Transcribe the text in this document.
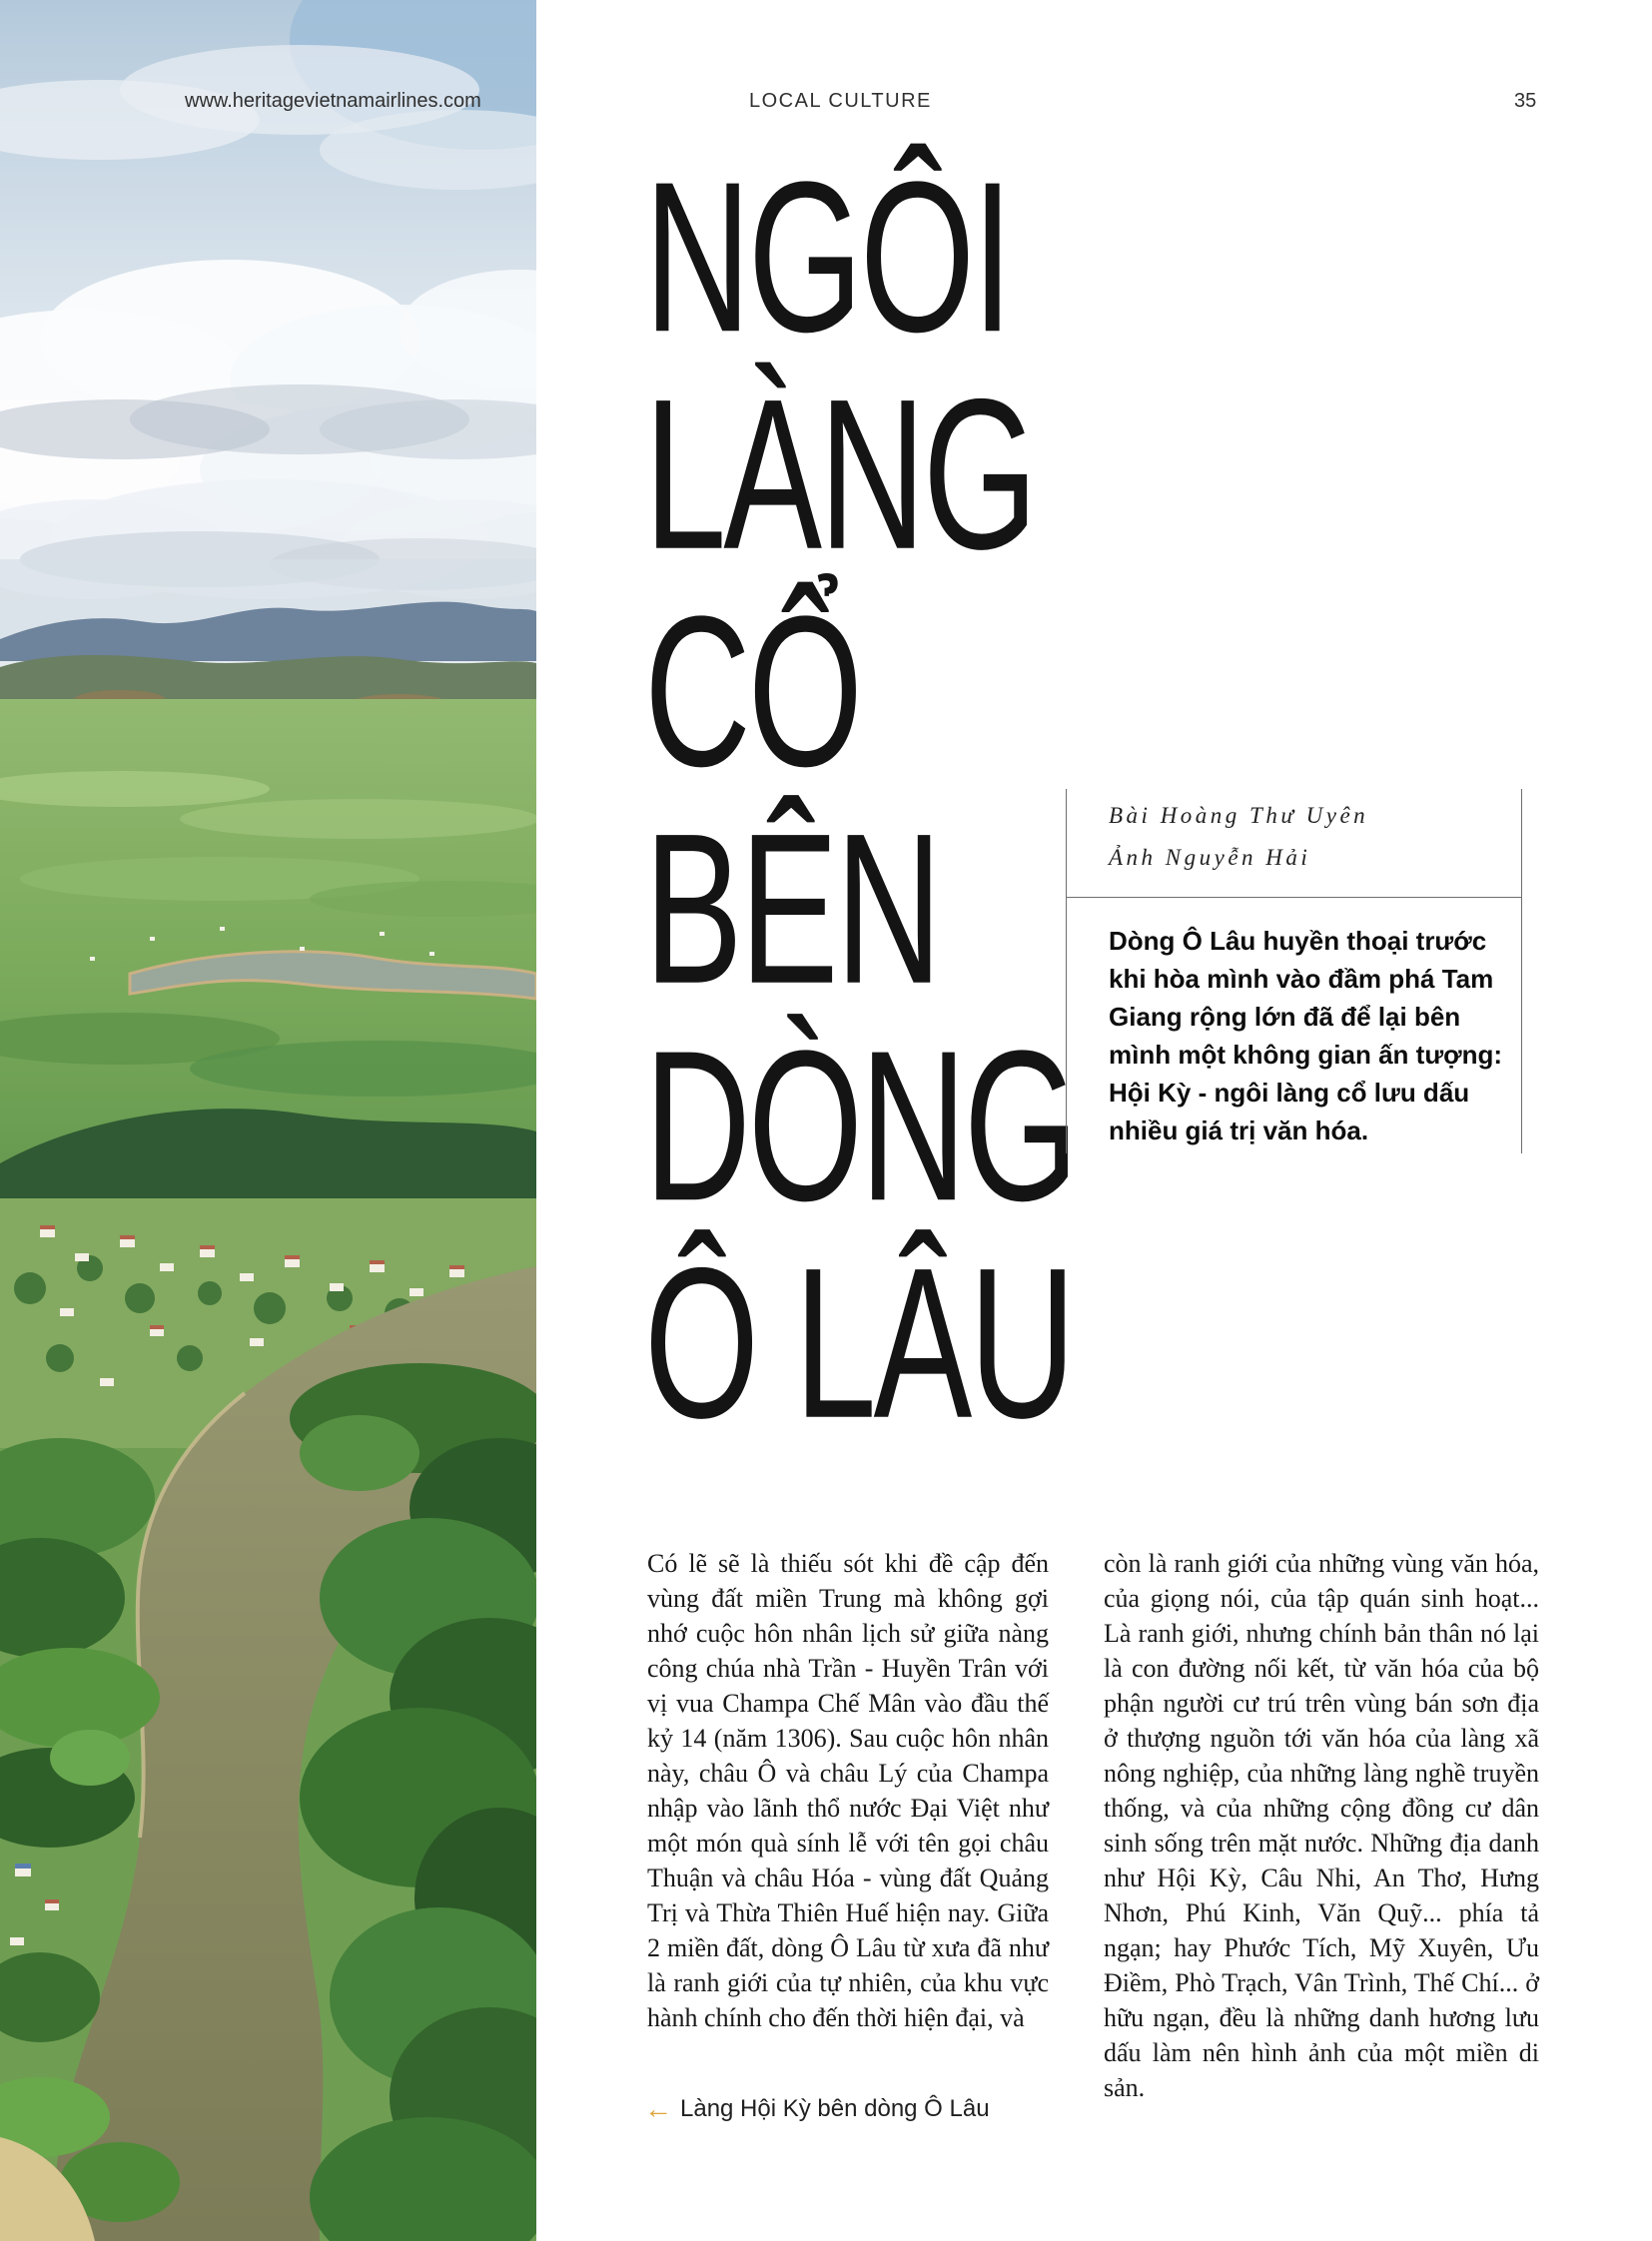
www.heritagevietnamairlines.com	LOCAL CULTURE	35
NGÔI
LÀNG
CỔ
BÊN
DÒNG
Ô LÂU
Bài Hoàng Thư Uyên
Ảnh Nguyễn Hải
Dòng Ô Lâu huyền thoại trước khi hòa mình vào đầm phá Tam Giang rộng lớn đã để lại bên mình một không gian ấn tượng: Hội Kỳ - ngôi làng cổ lưu dấu nhiều giá trị văn hóa.
Có lẽ sẽ là thiếu sót khi đề cập đến vùng đất miền Trung mà không gợi nhớ cuộc hôn nhân lịch sử giữa nàng công chúa nhà Trần - Huyền Trân với vị vua Champa Chế Mân vào đầu thế kỷ 14 (năm 1306). Sau cuộc hôn nhân này, châu Ô và châu Lý của Champa nhập vào lãnh thổ nước Đại Việt như một món quà sính lễ với tên gọi châu Thuận và châu Hóa - vùng đất Quảng Trị và Thừa Thiên Huế hiện nay. Giữa 2 miền đất, dòng Ô Lâu từ xưa đã như là ranh giới của tự nhiên, của khu vực hành chính cho đến thời hiện đại, và
còn là ranh giới của những vùng văn hóa, của giọng nói, của tập quán sinh hoạt... Là ranh giới, nhưng chính bản thân nó lại là con đường nối kết, từ văn hóa của bộ phận người cư trú trên vùng bán sơn địa ở thượng nguồn tới văn hóa của làng xã nông nghiệp, của những làng nghề truyền thống, và của những cộng đồng cư dân sinh sống trên mặt nước. Những địa danh như Hội Kỳ, Câu Nhi, An Thơ, Hưng Nhơn, Phú Kinh, Văn Quỹ... phía tả ngạn; hay Phước Tích, Mỹ Xuyên, Ưu Điềm, Phò Trạch, Vân Trình, Thế Chí... ở hữu ngạn, đều là những danh hương lưu dấu làm nên hình ảnh của một miền di sản.
← Làng Hội Kỳ bên dòng Ô Lâu
